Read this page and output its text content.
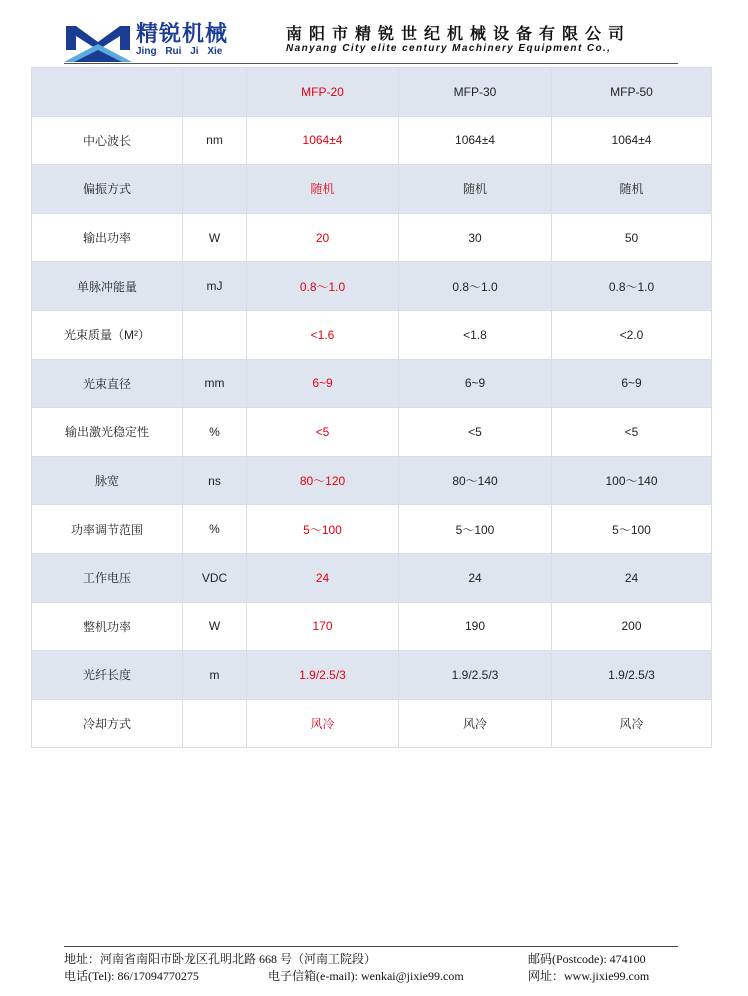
精锐机械
Jing Rui Ji Xie
南阳市精锐世纪机械设备有限公司
Nanyang City elite century Machinery Equipment Co.,
		MFP-20	MFP-30	MFP-50
中心波长	nm	1064±4	1064±4	1064±4
偏振方式		随机	随机	随机
输出功率	W	20	30	50
单脉冲能量	mJ	0.8～1.0	0.8～1.0	0.8～1.0
光束质量（M²）		<1.6	<1.8	<2.0
光束直径	mm	6~9	6~9	6~9
输出激光稳定性	%	<5	<5	<5
脉宽	ns	80～120	80～140	100～140
功率调节范围	%	5～100	5～100	5～100
工作电压	VDC	24	24	24
整机功率	W	170	190	200
光纤长度	m	1.9/2.5/3	1.9/2.5/3	1.9/2.5/3
冷却方式		风冷	风冷	风冷
地址：河南省南阳市卧龙区孔明北路 668 号（河南工院段）	邮码(Postcode): 474100
电话(Tel): 86/17094770275	电子信箱(e-mail): wenkai@jixie99.com	网址：www.jixie99.com
